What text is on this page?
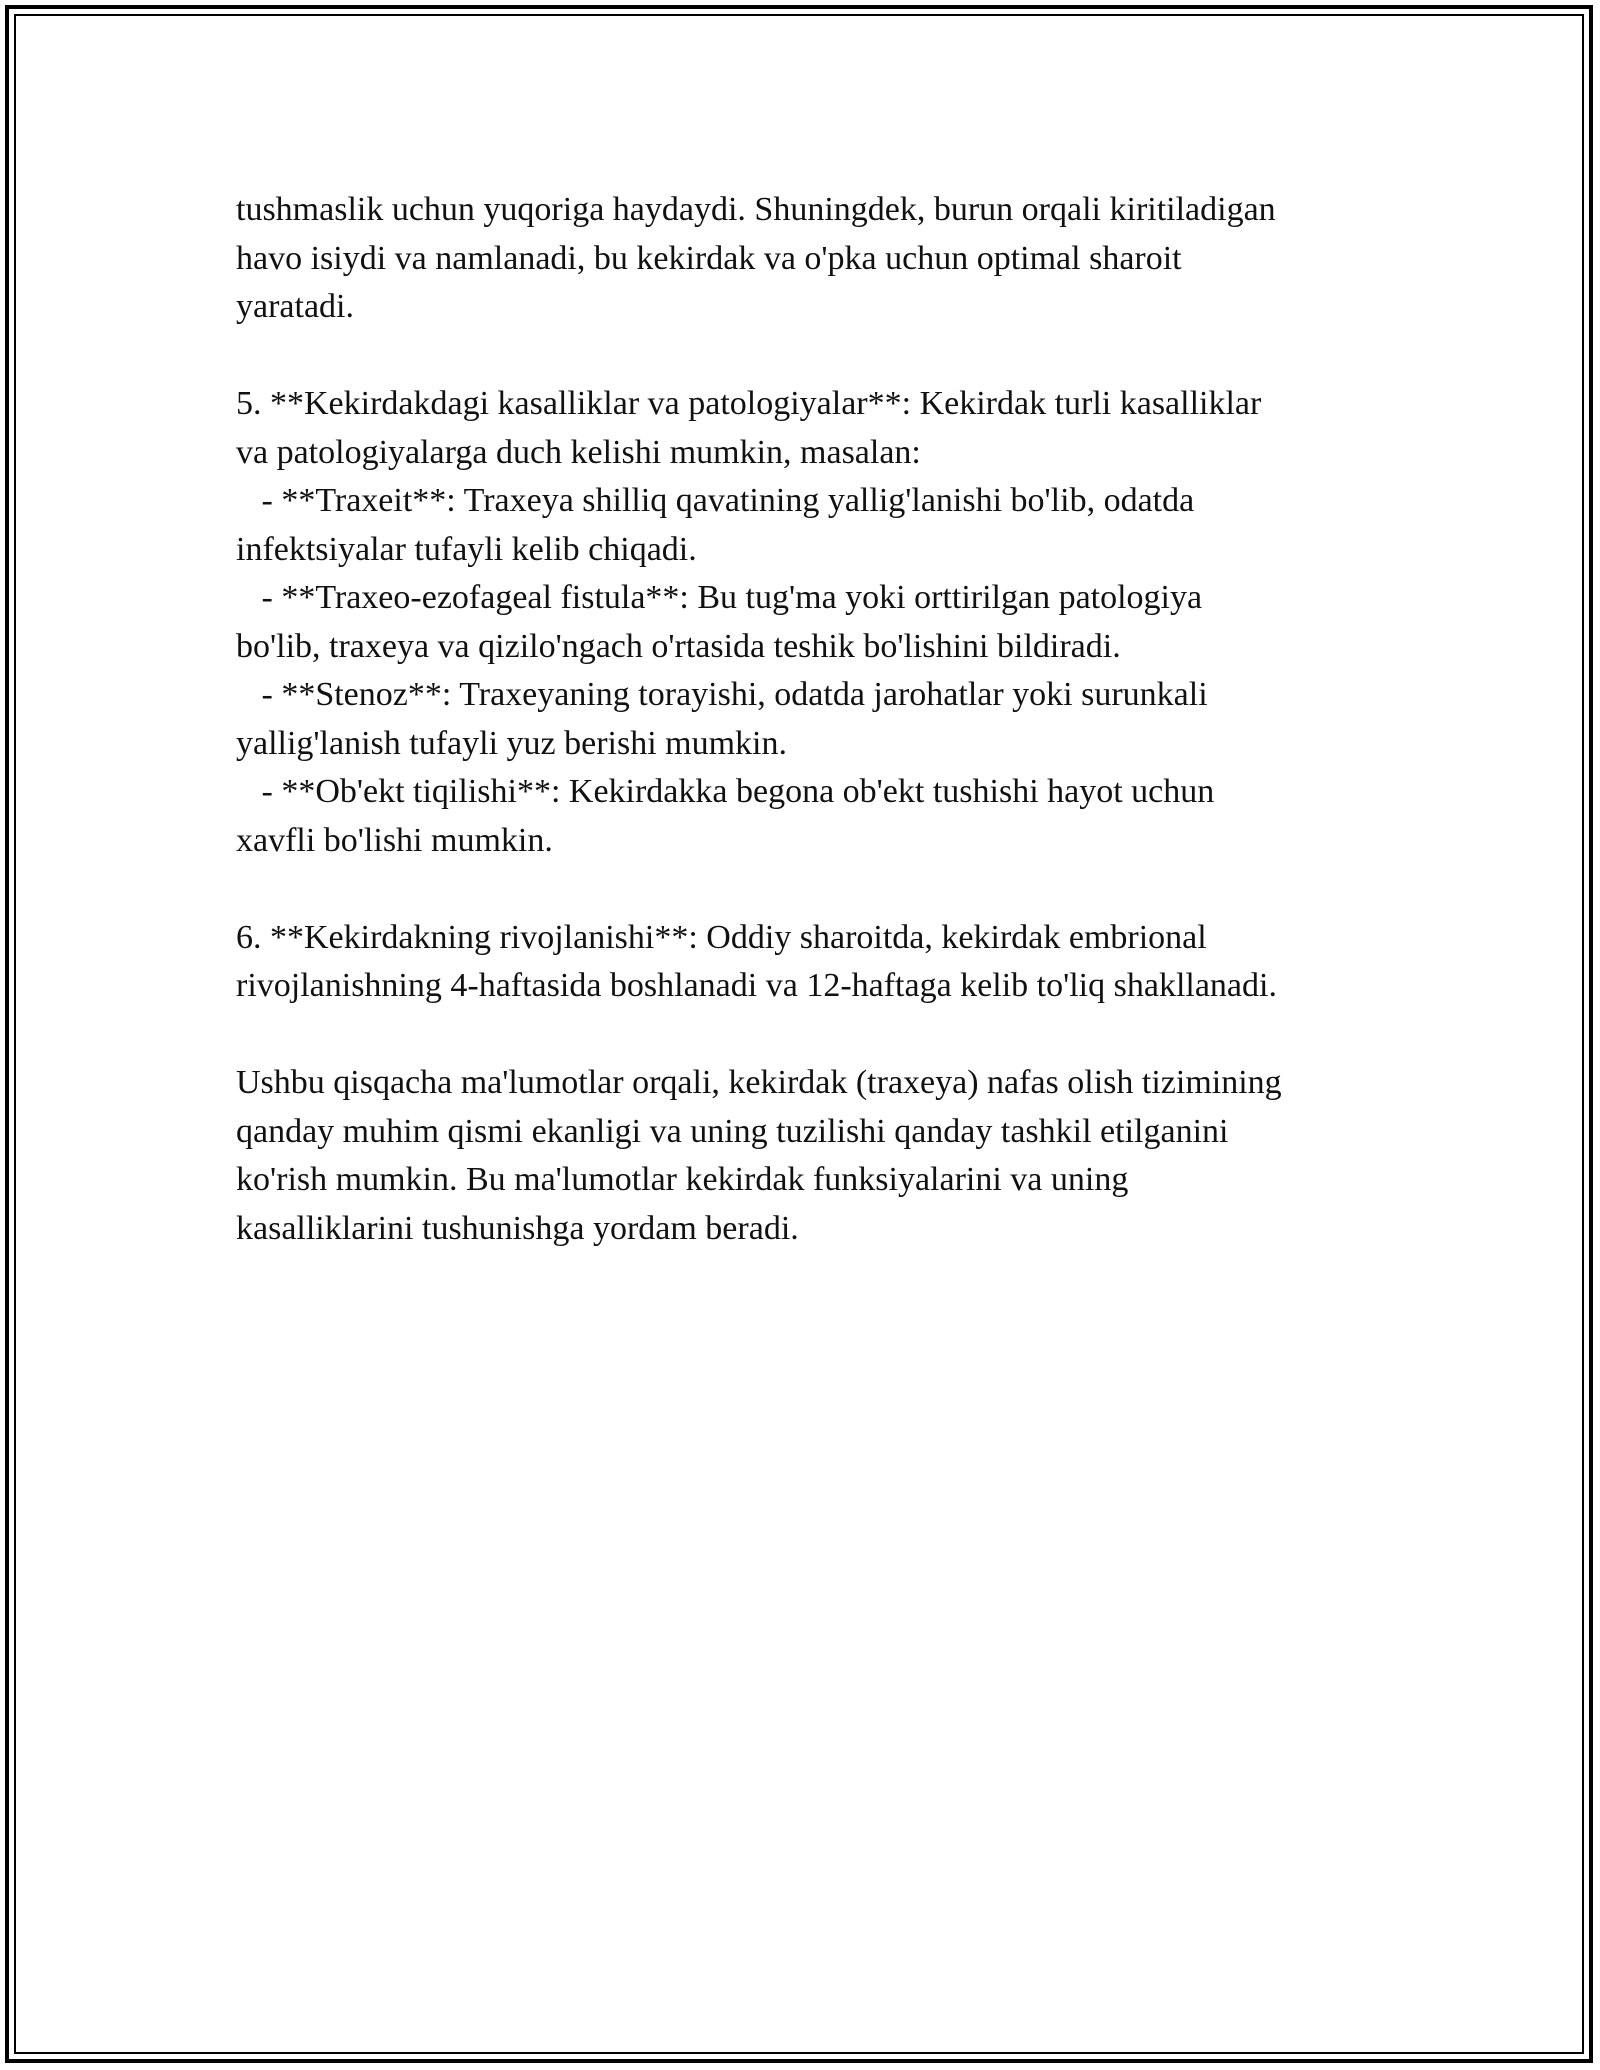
tushmaslik uchun yuqoriga haydaydi. Shuningdek, burun orqali kiritiladigan
havo isiydi va namlanadi, bu kekirdak va o'pka uchun optimal sharoit
yaratadi.
5. **Kekirdakdagi kasalliklar va patologiyalar**: Kekirdak turli kasalliklar
va patologiyalarga duch kelishi mumkin, masalan:
- **Traxeit**: Traxeya shilliq qavatining yallig'lanishi bo'lib, odatda
infektsiyalar tufayli kelib chiqadi.
- **Traxeo-ezofageal fistula**: Bu tug'ma yoki orttirilgan patologiya
bo'lib, traxeya va qizilo'ngach o'rtasida teshik bo'lishini bildiradi.
- **Stenoz**: Traxeyaning torayishi, odatda jarohatlar yoki surunkali
yallig'lanish tufayli yuz berishi mumkin.
- **Ob'ekt tiqilishi**: Kekirdakka begona ob'ekt tushishi hayot uchun
xavfli bo'lishi mumkin.
6. **Kekirdakning rivojlanishi**: Oddiy sharoitda, kekirdak embrional
rivojlanishning 4-haftasida boshlanadi va 12-haftaga kelib to'liq shakllanadi.
Ushbu qisqacha ma'lumotlar orqali, kekirdak (traxeya) nafas olish tizimining
qanday muhim qismi ekanligi va uning tuzilishi qanday tashkil etilganini
ko'rish mumkin. Bu ma'lumotlar kekirdak funksiyalarini va uning
kasalliklarini tushunishga yordam beradi.
